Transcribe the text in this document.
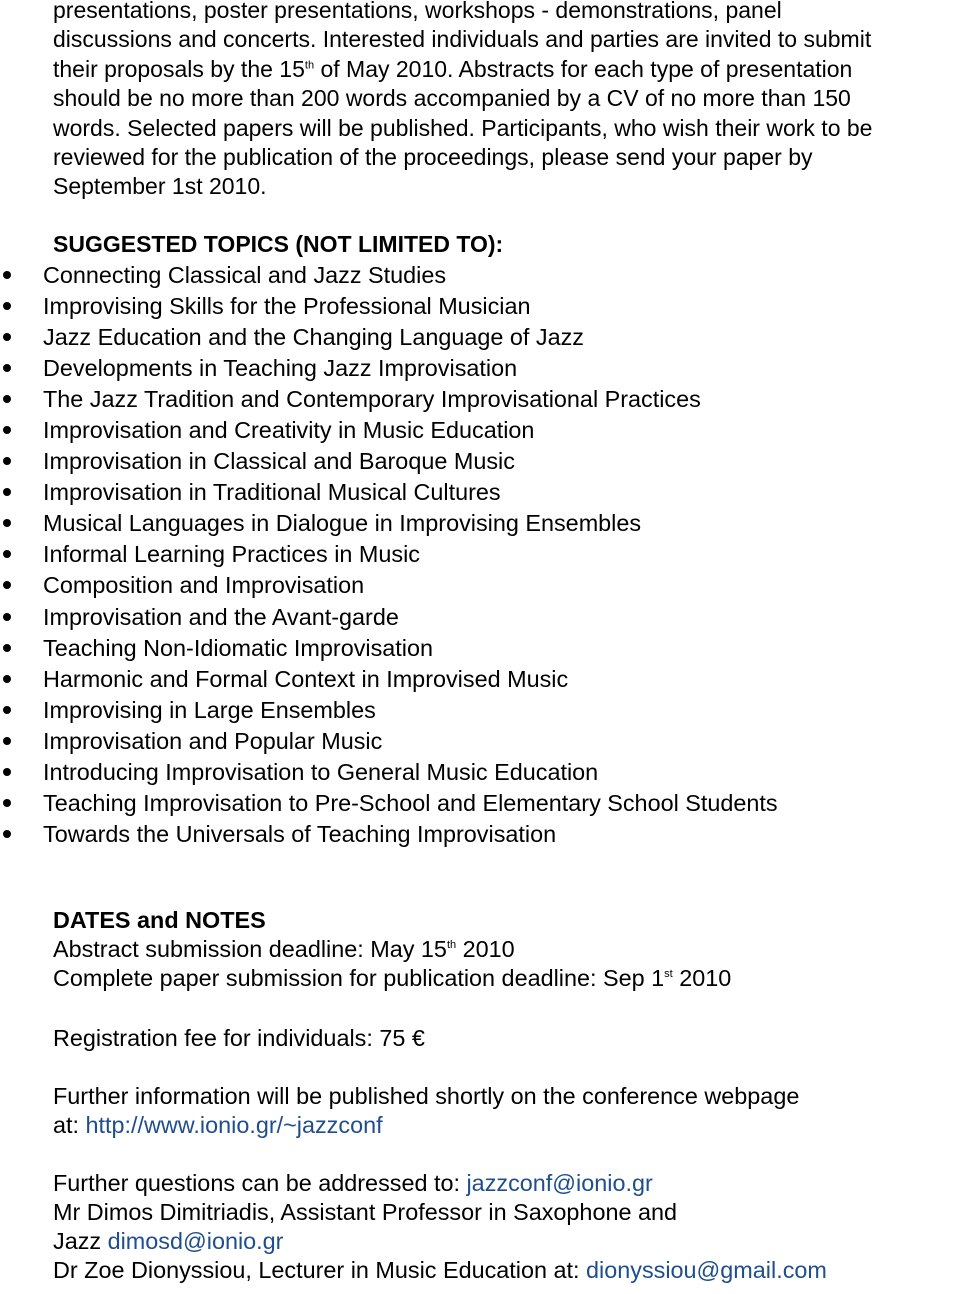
presentations, poster presentations, workshops - demonstrations, panel
discussions and concerts. Interested individuals and parties are invited to submit
their proposals by the 15th of May 2010. Abstracts for each type of presentation
should be no more than 200 words accompanied by a CV of no more than 150
words. Selected papers will be published. Participants, who wish their work to be
reviewed for the publication of the proceedings, please send your paper by
September 1st 2010.

SUGGESTED TOPICS (NOT LIMITED TO):
Connecting Classical and Jazz Studies
Improvising Skills for the Professional Musician
Jazz Education and the Changing Language of Jazz
Developments in Teaching Jazz Improvisation
The Jazz Tradition and Contemporary Improvisational Practices
Improvisation and Creativity in Music Education
Improvisation in Classical and Baroque Music
Improvisation in Traditional Musical Cultures
Musical Languages in Dialogue in Improvising Ensembles
Informal Learning Practices in Music
Composition and Improvisation
Improvisation and the Avant-garde
Teaching Non-Idiomatic Improvisation
Harmonic and Formal Context in Improvised Music
Improvising in Large Ensembles
Improvisation and Popular Music
Introducing Improvisation to General Music Education
Teaching Improvisation to Pre-School and Elementary School Students
Towards the Universals of Teaching Improvisation
DATES and NOTES
Abstract submission deadline: May 15th 2010
Complete paper submission for publication deadline: Sep 1st 2010
Registration fee for individuals: 75 €
Further information will be published shortly on the conference webpage
at: http://www.ionio.gr/~jazzconf
Further questions can be addressed to: jazzconf@ionio.gr
Mr Dimos Dimitriadis, Assistant Professor in Saxophone and
Jazz dimosd@ionio.gr
Dr Zoe Dionyssiou, Lecturer in Music Education at: dionyssiou@gmail.com
